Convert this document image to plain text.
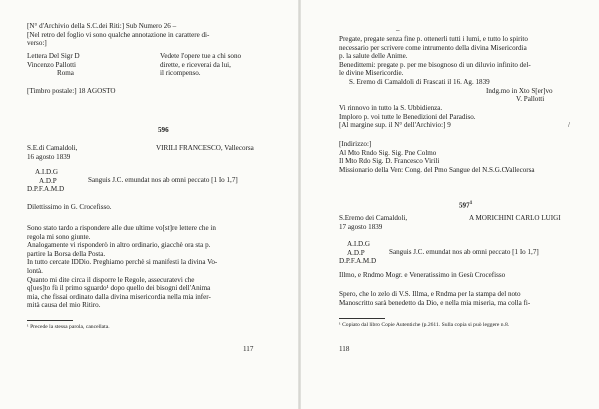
[N° d'Archivio della S.C.dei Riti:] Sub Numero 26 –
[Nel retro del foglio vi sono qualche annotazione in carattere di-
verso:]
Lettera Del Sigr D
Vincenzo Pallotti
Roma
Vedete l'opere tue a chi sono
dirette, e riceverai da lui,
il ricompenso.
[Timbro postale:] 18 AGOSTO
596
S.E.di Camaldoli,
16 agosto 1839
VIRILI FRANCESCO, Vallecorsa
A.I.D.G
A.D.P
D.P.F.A.M.D
Sanguis J.C. emundat nos ab omni peccato [1 Io 1,7]
Dilettissimo in G. Crocefisso.
Sono stato tardo a rispondere alle due ultime vo[st]re lettere che in
regola mi sono giunte.
Analogamente vi risponderò in altro ordinario, giacchè ora sta p.
partire la Borsa della Posta.
In tutto cercate IDDio. Preghiamo perchè si manifesti la divina Vo-
lontà.
Quanto mi dite circa il disporre le Regole, assecuratevi che
q[ues]to fù il primo sguardo¹ dopo quello dei bisogni dell'Anima
mia, che fissai ordinato dalla divina misericordia nella mia infer-
mità causa del mio Ritiro.
¹ Precede la stessa parola, cancellata.
117
–
Pregate, pregate senza fine p. ottenerli tutti i lumi, e tutto lo spirito
necessario per scrivere come intrumento della divina Misericordia
p. la salute delle Anime.
Benedittemi: pregate p. per me bisognoso di un diluvio infinito del-
le divine Misericordie.
S. Eremo di Camaldoli di Frascati il 16. Ag. 1839
Indg.mo in Xto S[er]vo
V. Pallotti
Vi rinnovo in tutto la S. Ubbidienza.
Imploro p. voi tutte le Benedizioni del Paradiso.
[Al margine sup. il N° dell'Archivio:] 9	/
[Indirizzo:]
Al Mto Rndo Sig. Sig. Pne Colmo
Il Mto Rdo Sig. D. Francesco Virili
Missionario della Ven: Cong. del Pmo Sangue del N.S.G.C.
Vallecorsa
$597^1$
S.Eremo dei Camaldoli,
17 agosto 1839
A MORICHINI CARLO LUIGI
A.I.D.G
A.D.P
D.P.F.A.M.D
Sanguis J.C. emundat nos ab omni peccato [1 Io 1,7]
Illmo, e Rndmo Mogr. e Veneratissimo in Gesù Crocefisso
Spero, che lo zelo di V.S. Illma, e Rndma per la stampa del noto
Manoscritto sarà benedetto da Dio, e nella mia miseria, ma colla fi-
¹ Copiato dal libro Copie Autentiche (p.2611. Sulla copia si può leggere n.8.
118
